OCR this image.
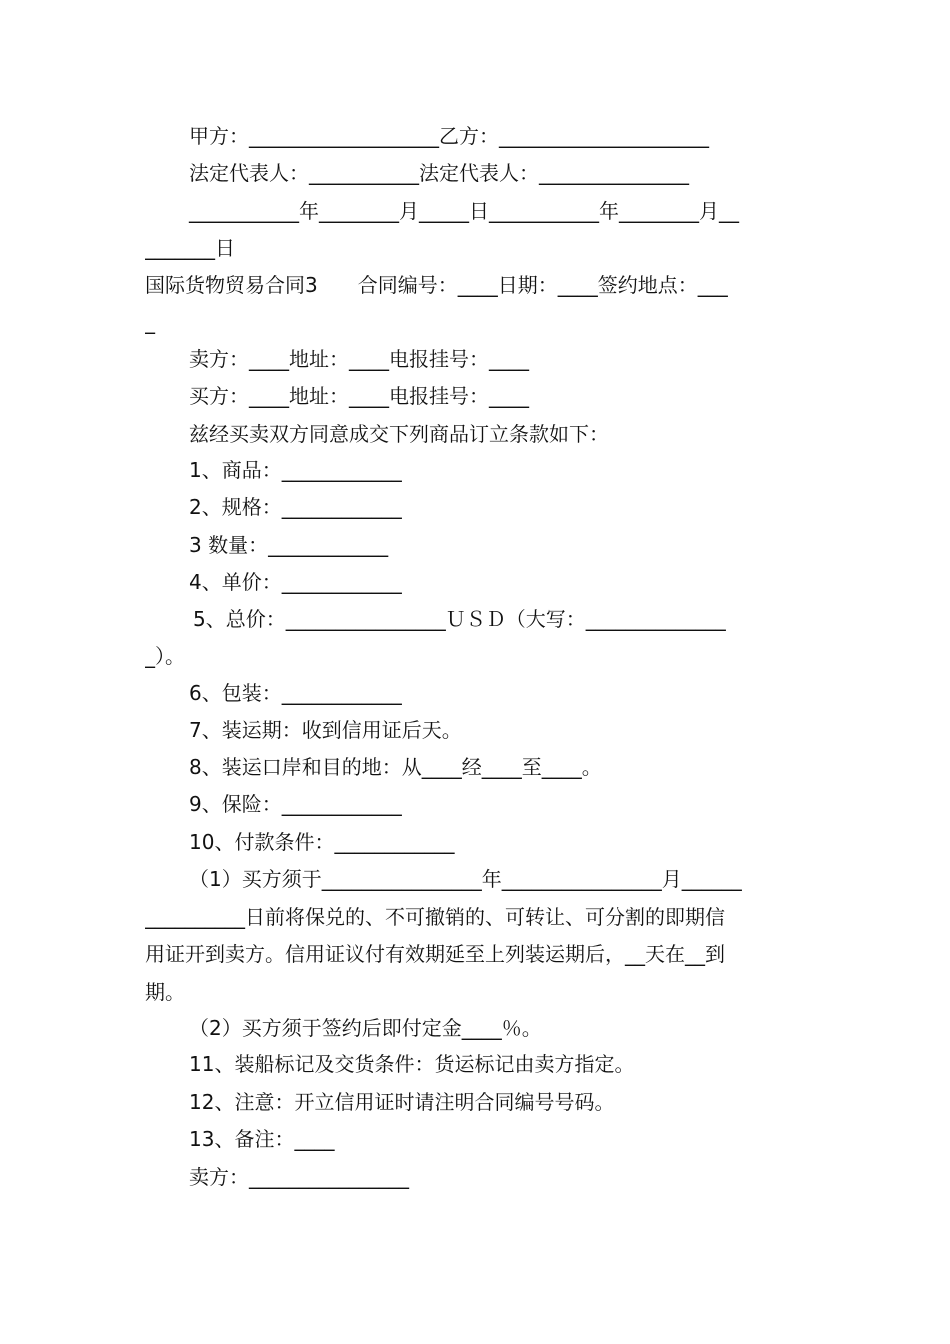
甲方：___________________乙方：_____________________
法定代表人：___________法定代表人：_______________
___________年________月_____日___________年________月__
_______日
国际货物贸易合同3　　合同编号：____日期：____签约地点：___
_
卖方：____地址：____电报挂号：____
买方：____地址：____电报挂号：____
兹经买卖双方同意成交下列商品订立条款如下：
1、商品：____________
2、规格：____________
3 数量：____________
4、单价：____________
5、总价：________________ＵＳＤ（大写：______________
_）。
6、包装：____________
7、装运期：收到信用证后天。
8、装运口岸和目的地：从____经____至____。
9、保险：____________
10、付款条件：____________
（1）买方须于________________年________________月______
__________日前将保兑的、不可撤销的、可转让、可分割的即期信
用证开到卖方。信用证议付有效期延至上列装运期后，__天在__到
期。
（2）买方须于签约后即付定金____％。
11、装船标记及交货条件：货运标记由卖方指定。
12、注意：开立信用证时请注明合同编号号码。
13、备注：____
卖方：________________
